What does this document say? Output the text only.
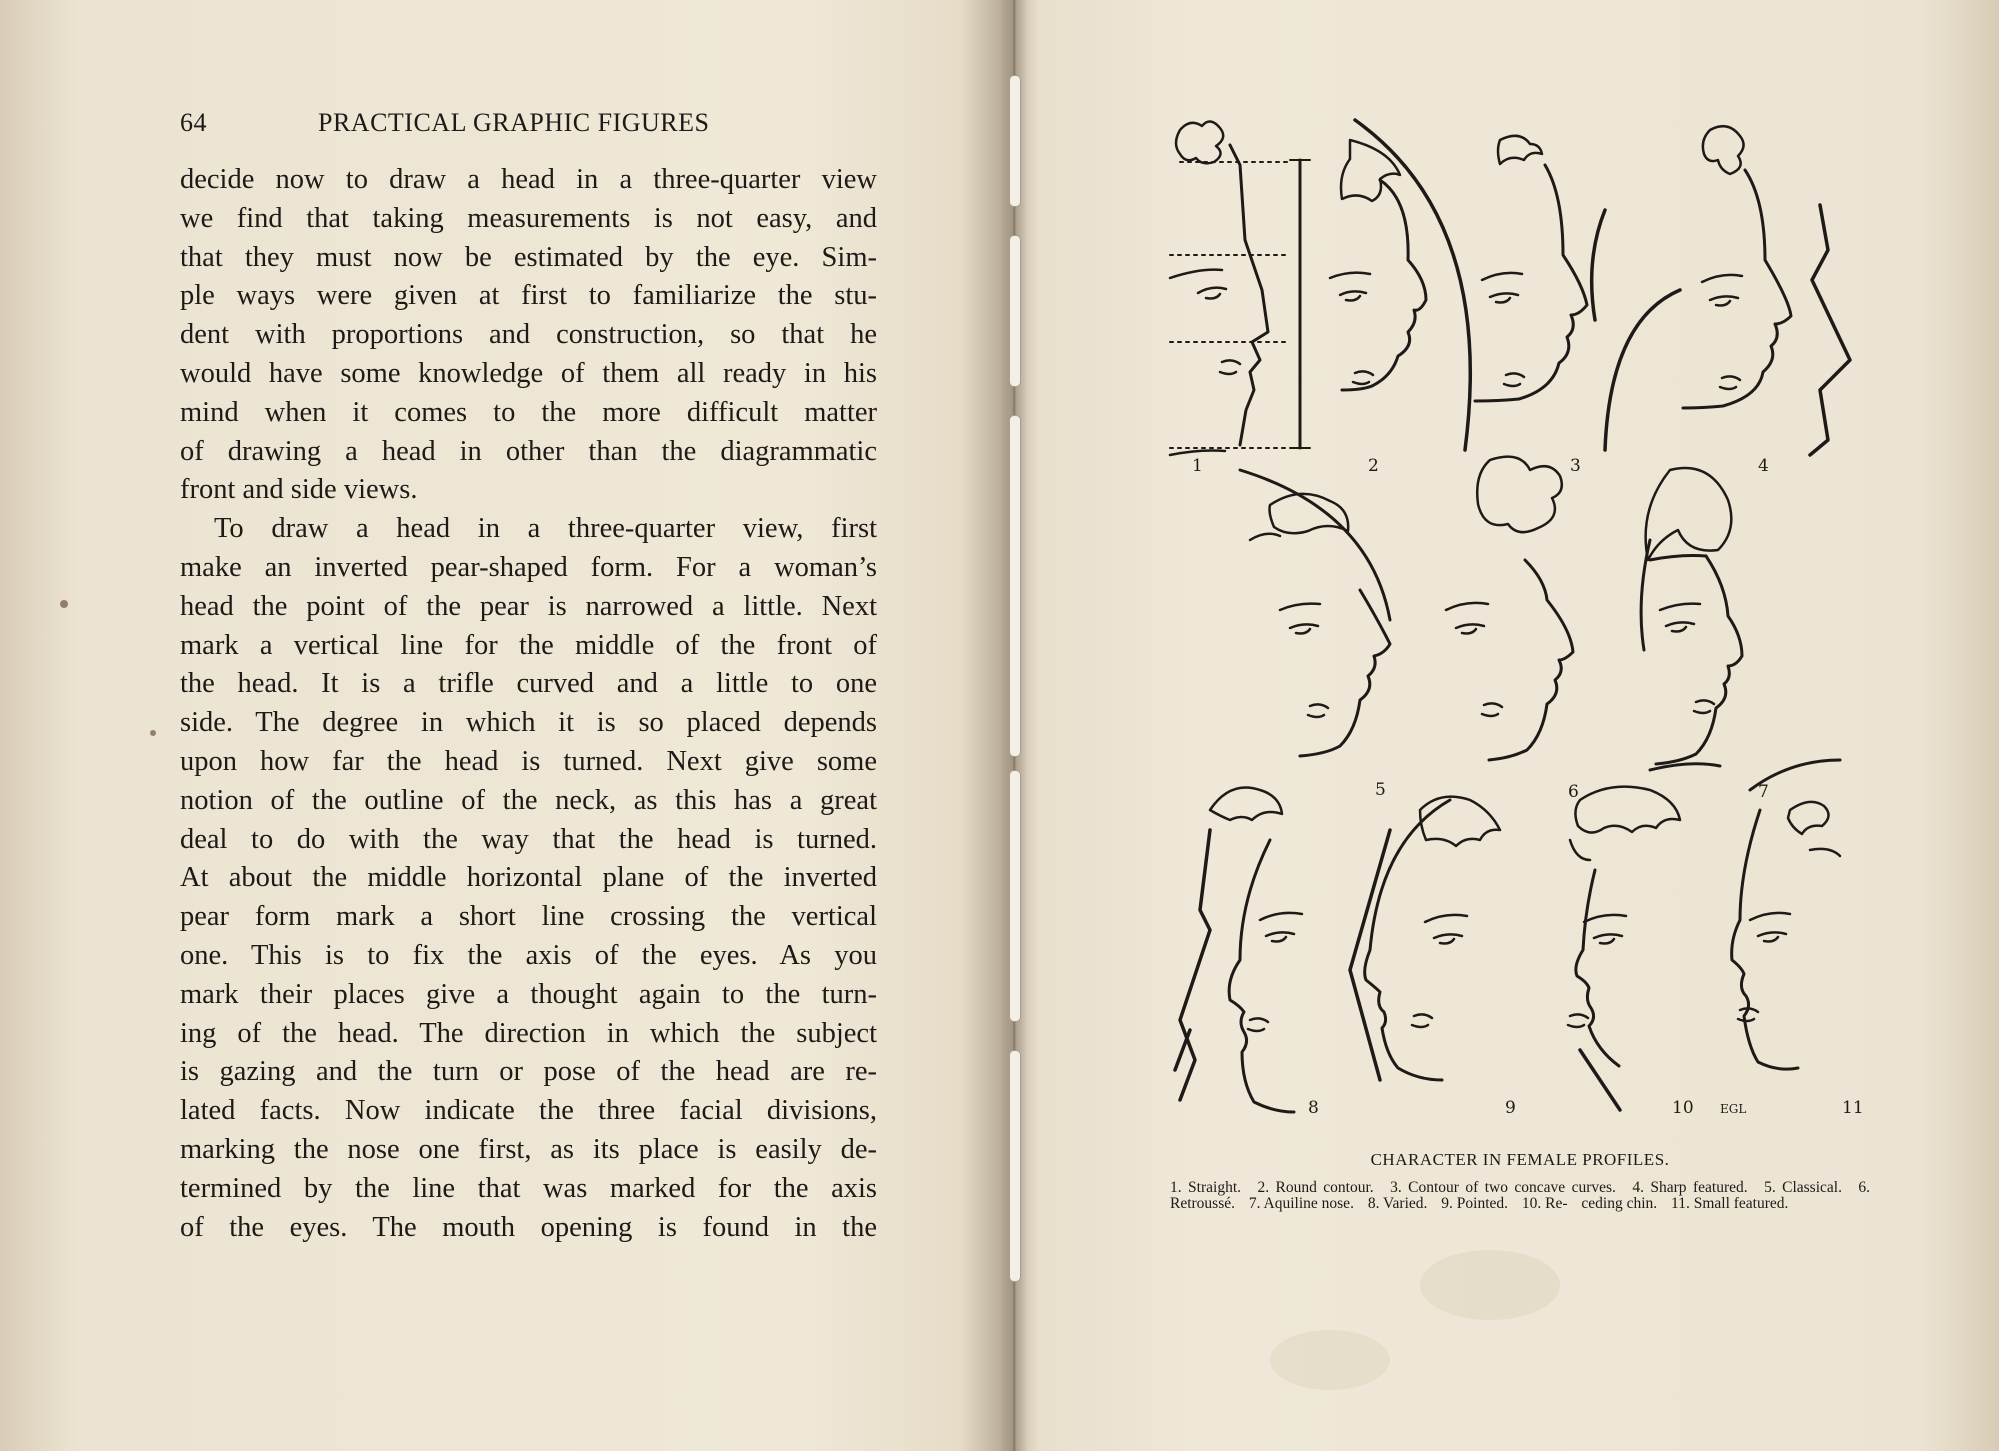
64	PRACTICAL GRAPHIC FIGURES

decide now to draw a head in a three-quarter view

we find that taking measurements is not easy, and

that they must now be estimated by the eye. Sim-

ple ways were given at first to familiarize the stu-

dent with proportions and construction, so that he

would have some knowledge of them all ready in his

mind when it comes to the more difficult matter

of drawing a head in other than the diagrammatic

front and side views.

To draw a head in a three-quarter view, first

make an inverted pear-shaped form. For a woman’s

head the point of the pear is narrowed a little. Next

mark a vertical line for the middle of the front of

the head. It is a trifle curved and a little to one

side. The degree in which it is so placed depends

upon how far the head is turned. Next give some

notion of the outline of the neck, as this has a great

deal to do with the way that the head is turned.

At about the middle horizontal plane of the inverted

pear form mark a short line crossing the vertical

one. This is to fix the axis of the eyes. As you

mark their places give a thought again to the turn-

ing of the head. The direction in which the subject

is gazing and the turn or pose of the head are re-

lated facts. Now indicate the three facial divisions,

marking the nose one first, as its place is easily de-

termined by the line that was marked for the axis

of the eyes. The mouth opening is found in the

1	2	3	4
5	6	7
8	9	10	11
EGL
CHARACTER IN FEMALE PROFILES.
1. Straight. 2. Round contour. 3. Contour of two concave curves. 4. Sharp featured. 5. Classical. 6. Retroussé. 7. Aquiline nose. 8. Varied. 9. Pointed. 10. Re- ceding chin. 11. Small featured.
